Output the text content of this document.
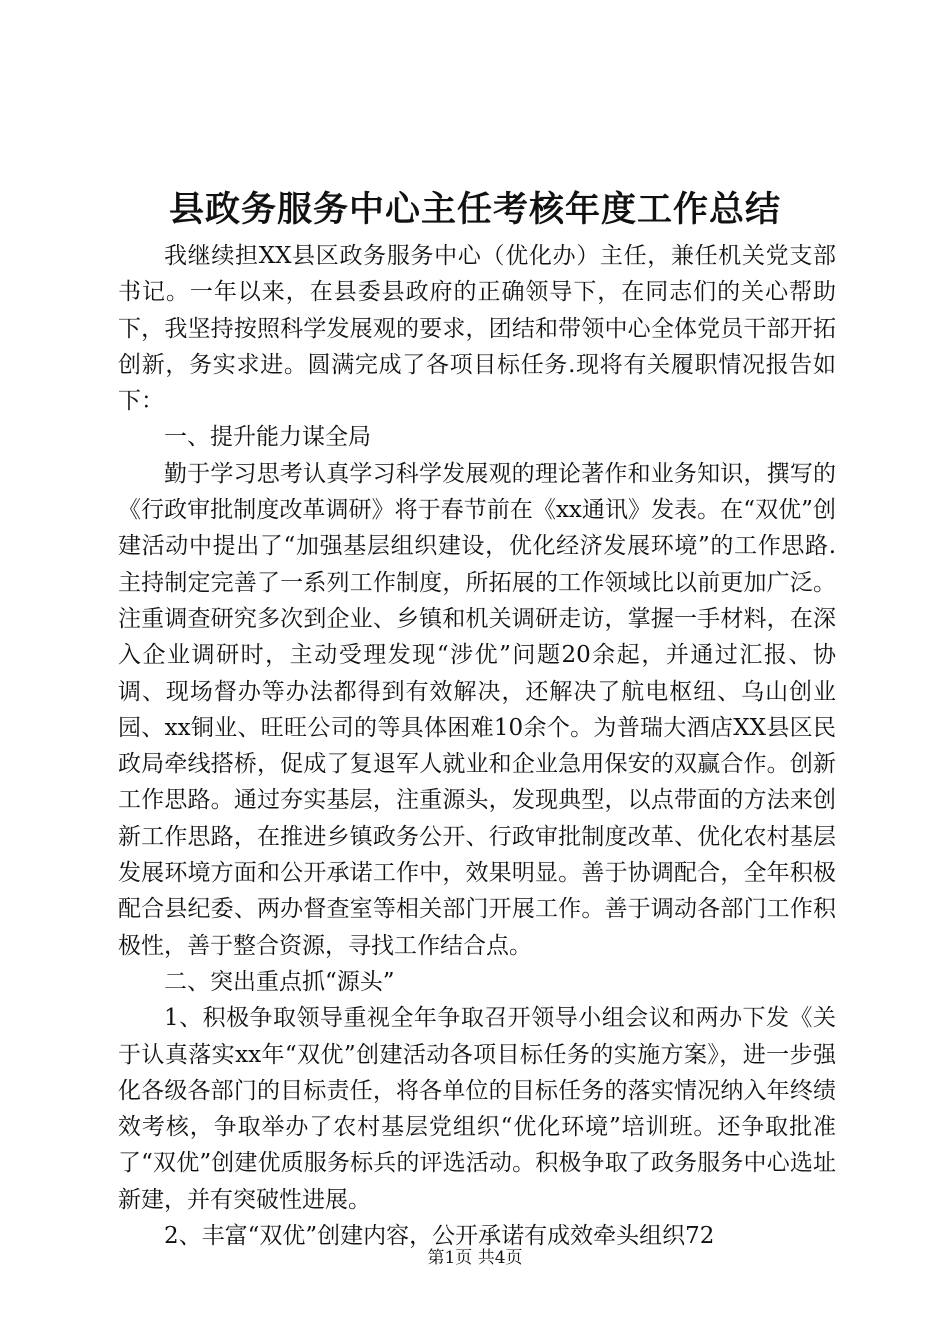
县政务服务中心主任考核年度工作总结

我继续担XX县区政务服务中心（优化办）主任，兼任机关党支部书记。一年以来，在县委县政府的正确领导下，在同志们的关心帮助下，我坚持按照科学发展观的要求，团结和带领中心全体党员干部开拓创新，务实求进。圆满完成了各项目标任务.现将有关履职情况报告如下：

一、提升能力谋全局

勤于学习思考认真学习科学发展观的理论著作和业务知识，撰写的《行政审批制度改革调研》将于春节前在《xx通讯》发表。在“双优”创建活动中提出了“加强基层组织建设，优化经济发展环境”的工作思路.主持制定完善了一系列工作制度，所拓展的工作领域比以前更加广泛。注重调查研究多次到企业、乡镇和机关调研走访，掌握一手材料，在深入企业调研时，主动受理发现“涉优”问题20余起，并通过汇报、协调、现场督办等办法都得到有效解决，还解决了航电枢纽、乌山创业园、xx铜业、旺旺公司的等具体困难10余个。为普瑞大酒店XX县区民政局牵线搭桥，促成了复退军人就业和企业急用保安的双赢合作。创新工作思路。通过夯实基层，注重源头，发现典型，以点带面的方法来创新工作思路，在推进乡镇政务公开、行政审批制度改革、优化农村基层发展环境方面和公开承诺工作中，效果明显。善于协调配合，全年积极配合县纪委、两办督查室等相关部门开展工作。善于调动各部门工作积极性，善于整合资源，寻找工作结合点。

二、突出重点抓“源头”

1、积极争取领导重视全年争取召开领导小组会议和两办下发《关于认真落实xx年“双优”创建活动各项目标任务的实施方案》，进一步强化各级各部门的目标责任，将各单位的目标任务的落实情况纳入年终绩效考核，争取举办了农村基层党组织“优化环境”培训班。还争取批准了“双优”创建优质服务标兵的评选活动。积极争取了政务服务中心选址新建，并有突破性进展。

2、丰富“双优”创建内容，公开承诺有成效牵头组织72

第1页 共4页
